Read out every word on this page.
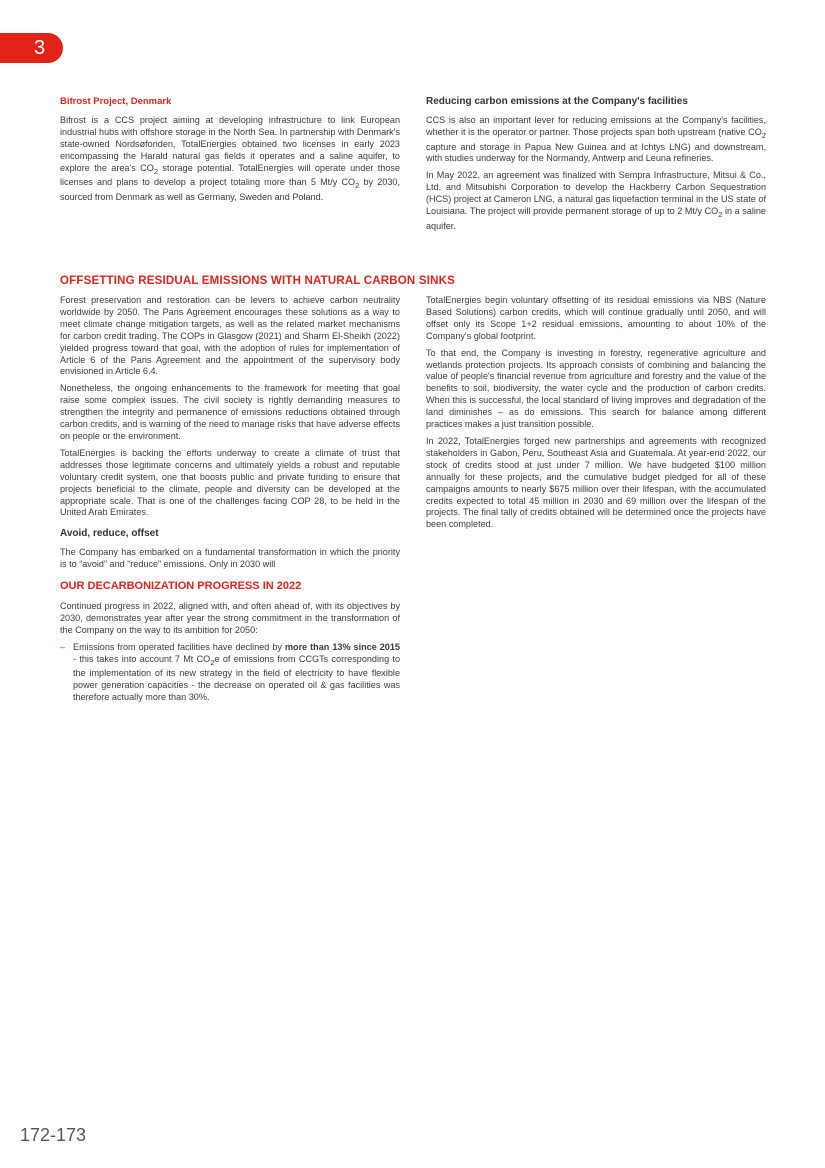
3
Bifrost Project, Denmark

Bifrost is a CCS project aiming at developing infrastructure to link European industrial hubs with offshore storage in the North Sea. In partnership with Denmark's state-owned Nordsøfonden, TotalEnergies obtained two licenses in early 2023 encompassing the Harald natural gas fields it operates and a saline aquifer, to explore the area's $CO_2$ storage potential. TotalEnergies will operate under those licenses and plans to develop a project totaling more than 5 Mt/y $CO_2$ by 2030, sourced from Denmark as well as Germany, Sweden and Poland.

Reducing carbon emissions at the Company's facilities

CCS is also an important lever for reducing emissions at the Company's facilities, whether it is the operator or partner. Those projects span both upstream (native $CO_2$ capture and storage in Papua New Guinea and at Ichtys LNG) and downstream, with studies underway for the Normandy, Antwerp and Leuna refineries.

In May 2022, an agreement was finalized with Sempra Infrastructure, Mitsui & Co., Ltd. and Mitsubishi Corporation to develop the Hackberry Carbon Sequestration (HCS) project at Cameron LNG, a natural gas liquefaction terminal in the US state of Louisiana. The project will provide permanent storage of up to 2 Mt/y $CO_2$ in a saline aquifer.

OFFSETTING RESIDUAL EMISSIONS WITH NATURAL CARBON SINKS

Forest preservation and restoration can be levers to achieve carbon neutrality worldwide by 2050. The Paris Agreement encourages these solutions as a way to meet climate change mitigation targets, as well as the related market mechanisms for carbon credit trading. The COPs in Glasgow (2021) and Sharm El-Sheikh (2022) yielded progress toward that goal, with the adoption of rules for implementation of Article 6 of the Paris Agreement and the appointment of the supervisory body envisioned in Article 6.4.

Nonetheless, the ongoing enhancements to the framework for meeting that goal raise some complex issues. The civil society is rightly demanding measures to strengthen the integrity and permanence of emissions reductions obtained through carbon credits, and is warning of the need to manage risks that have adverse effects on people or the environment.

TotalEnergies is backing the efforts underway to create a climate of trust that addresses those legitimate concerns and ultimately yields a robust and reputable voluntary credit system, one that boosts public and private funding to ensure that projects beneficial to the climate, people and diversity can be developed at the appropriate scale. That is one of the challenges facing COP 28, to be held in the United Arab Emirates.

Avoid, reduce, offset

The Company has embarked on a fundamental transformation in which the priority is to “avoid” and “reduce” emissions. Only in 2030 will

OUR DECARBONIZATION PROGRESS IN 2022

Continued progress in 2022, aligned with, and often ahead of, with its objectives by 2030, demonstrates year after year the strong commitment in the transformation of the Company on the way to its ambition for 2050:

– Emissions from operated facilities have declined by more than 13% since 2015 - this takes into account 7 Mt $CO_2e$ of emissions from CCGTs corresponding to the implementation of its new strategy in the field of electricity to have flexible power generation capacities - the decrease on operated oil & gas facilities was therefore actually more than 30%.

TotalEnergies begin voluntary offsetting of its residual emissions via NBS (Nature Based Solutions) carbon credits, which will continue gradually until 2050, and will offset only its Scope 1+2 residual emissions, amounting to about 10% of the Company's global footprint.

To that end, the Company is investing in forestry, regenerative agriculture and wetlands protection projects. Its approach consists of combining and balancing the value of people's financial revenue from agriculture and forestry and the value of the benefits to soil, biodiversity, the water cycle and the production of carbon credits. When this is successful, the local standard of living improves and degradation of the land diminishes – as do emissions. This search for balance among different practices makes a just transition possible.

In 2022, TotalEnergies forged new partnerships and agreements with recognized stakeholders in Gabon, Peru, Southeast Asia and Guatemala. At year-end 2022, our stock of credits stood at just under 7 million. We have budgeted $100 million annually for these projects, and the cumulative budget pledged for all of these campaigns amounts to nearly $675 million over their lifespan, with the accumulated credits expected to total 45 million in 2030 and 69 million over the lifespan of the projects. The final tally of credits obtained will be determined once the projects have been completed.

172-173
